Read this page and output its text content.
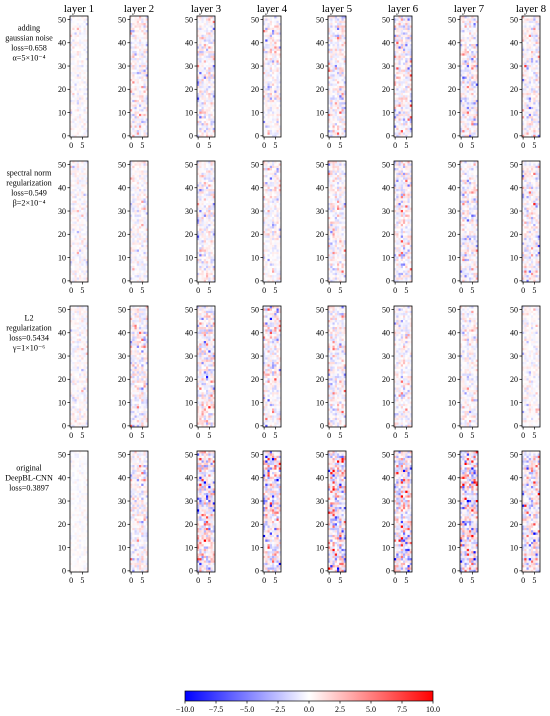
layer 1	layer 2	layer 3	layer 4	layer 5	layer 6	layer 7	layer 8
adding
gaussian noise
loss=0.658
α=5×10⁻⁴
spectral norm
regularization
loss=0.549
β=2×10⁻⁴
L2
regularization
loss=0.5434
γ=1×10⁻⁶
original
DeepBL-CNN
loss=0.3897
0
10
20
30
40
50
0 5
0
10
20
30
40
50
0 5
0
10
20
30
40
50
0 5
0
10
20
30
40
50
0 5
0
10
20
30
40
50
0 5
0
10
20
30
40
50
0 5
0
10
20
30
40
50
0 5
0
10
20
30
40
50
0 5
0
10
20
30
40
50
0 5
0
10
20
30
40
50
0 5
0
10
20
30
40
50
0 5
0
10
20
30
40
50
0 5
0
10
20
30
40
50
0 5
0
10
20
30
40
50
0 5
0
10
20
30
40
50
0 5
0
10
20
30
40
50
0 5
0
10
20
30
40
50
0 5
0
10
20
30
40
50
0 5
0
10
20
30
40
50
0 5
0
10
20
30
40
50
0 5
0
10
20
30
40
50
0 5
0
10
20
30
40
50
0 5
0
10
20
30
40
50
0 5
0
10
20
30
40
50
0 5
0
10
20
30
40
50
0 5
0
10
20
30
40
50
0 5
0
10
20
30
40
50
0 5
0
10
20
30
40
50
0 5
0
10
20
30
40
50
0 5
0
10
20
30
40
50
0 5
0
10
20
30
40
50
0 5
0
10
20
30
40
50
0 5
−10.0 −7.5 −5.0 −2.5 0.0	2.5	5.0	7.5 10.0
